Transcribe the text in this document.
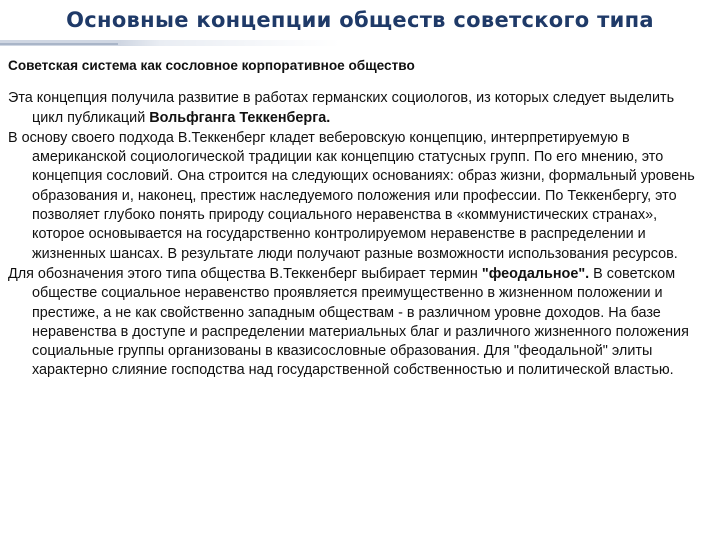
Основные концепции обществ советского типа
Советская система как сословное корпоративное общество

Эта концепция получила развитие в работах германских социологов, из которых следует выделить цикл публикаций Вольфганга Теккенберга.

В основу своего подхода В.Теккенберг кладет веберовскую концепцию, интерпретируемую в американской социологической традиции как концепцию статусных групп. По его мнению, это концепция сословий. Она строится на следующих основаниях: образ жизни, формальный уровень образования и, наконец, престиж наследуемого положения или профессии. По Теккенбергу, это позволяет глубоко понять природу социального неравенства в «коммунистических странах», которое основывается на государственно контролируемом неравенстве в распределении и жизненных шансах. В результате люди получают разные возможности использования ресурсов.

Для обозначения этого типа общества В.Теккенберг выбирает термин "феодальное". В советском обществе социальное неравенство проявляется преимущественно в жизненном положении и престиже, а не как свойственно западным обществам - в различном уровне доходов. На базе неравенства в доступе и распределении материальных благ и различного жизненного положения социальные группы организованы в квазисословные образования. Для "феодальной" элиты характерно слияние господства над государственной собственностью и политической властью.
